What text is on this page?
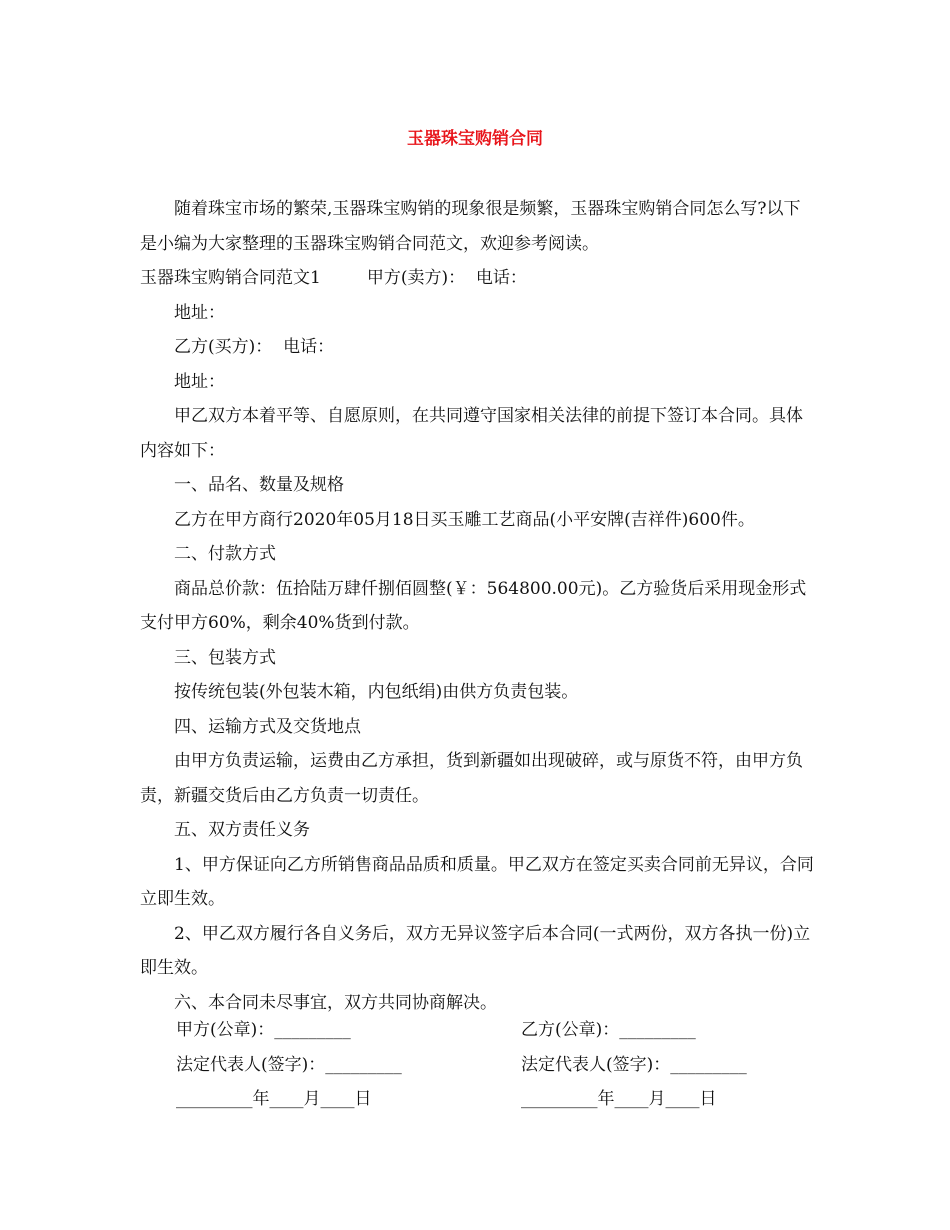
玉器珠宝购销合同

随着珠宝市场的繁荣,玉器珠宝购销的现象很是频繁，玉器珠宝购销合同怎么写?以下是小编为大家整理的玉器珠宝购销合同范文，欢迎参考阅读。

玉器珠宝购销合同范文1	甲方(卖方)： 电话：

地址：

乙方(买方)： 电话：

地址：

甲乙双方本着平等、自愿原则，在共同遵守国家相关法律的前提下签订本合同。具体内容如下：

一、品名、数量及规格

乙方在甲方商行2020年05月18日买玉雕工艺商品(小平安牌(吉祥件)600件。

二、付款方式

商品总价款：伍拾陆万肆仟捌佰圆整(￥：564800.00元)。乙方验货后采用现金形式支付甲方60%，剩余40%货到付款。

三、包装方式

按传统包装(外包装木箱，内包纸绢)由供方负责包装。

四、运输方式及交货地点

由甲方负责运输，运费由乙方承担，货到新疆如出现破碎，或与原货不符，由甲方负责，新疆交货后由乙方负责一切责任。

五、双方责任义务

1、甲方保证向乙方所销售商品品质和质量。甲乙双方在签定买卖合同前无异议，合同立即生效。

2、甲乙双方履行各自义务后，双方无异议签字后本合同(一式两份，双方各执一份)立即生效。

六、本合同未尽事宜，双方共同协商解决。

甲方(公章)：_________	乙方(公章)：_________
法定代表人(签字)：_________	法定代表人(签字)：_________
_________年____月____日	_________年____月____日
